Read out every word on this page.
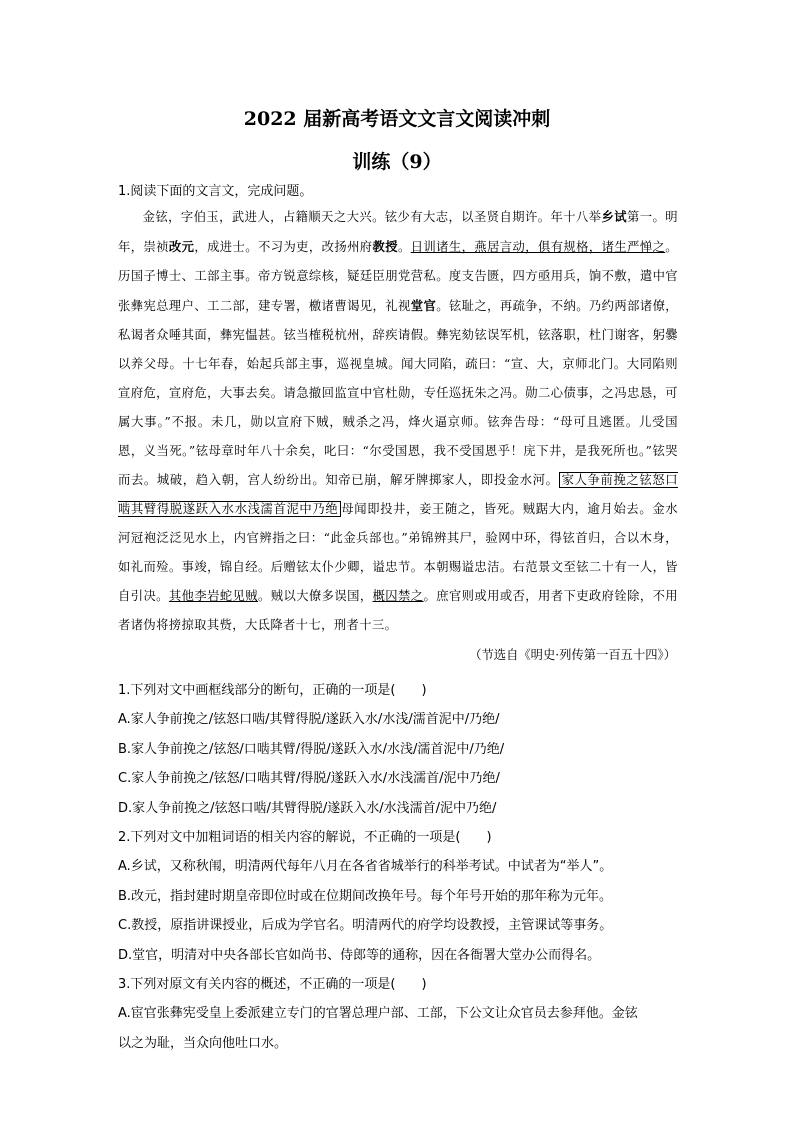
2022 届新高考语文文言文阅读冲刺
训练（9）
1.阅读下面的文言文，完成问题。

金铉，字伯玉，武进人，占籍顺天之大兴。铉少有大志，以圣贤自期许。年十八举乡试第一。明年，崇祯改元，成进士。不习为吏，改扬州府教授。日训诸生，燕居言动，俱有规格，诸生严惮之。历国子博士、工部主事。帝方锐意综核，疑廷臣朋党营私。度支告匮，四方亟用兵，饷不敷，遣中官张彝宪总理户、工二部，建专署，檄诸曹谒见，礼视堂官。铉耻之，再疏争，不纳。乃约两部诸僚，私谒者众唾其面，彝宪愠甚。铉当榷税杭州，辞疾请假。彝宪劾铉误军机，铉落职，杜门谢客，躬爨以养父母。十七年春，始起兵部主事，巡视皇城。闻大同陷，疏曰：“宣、大，京师北门。大同陷则宣府危，宣府危，大事去矣。请急撤回监宣中官杜勋，专任巡抚朱之冯。勋二心债事，之冯忠恳，可属大事。”不报。未几，勋以宣府下贼，贼杀之冯，烽火逼京师。铉奔告母：“母可且逃匿。儿受国恩，义当死。”铉母章时年八十余矣，叱曰：“尔受国恩，我不受国恩乎！庑下井，是我死所也。”铉哭而去。城破，趋入朝，宫人纷纷出。知帝已崩，解牙牌掷家人，即投金水河。 家人争前挽之铉怒口啮其臂得脱遂跃入水水浅濡首泥中乃绝 母闻即投井，妾王随之，皆死。贼踞大内，逾月始去。金水河冠袍泛泛见水上，内官辨指之曰：“此金兵部也。”弟锦辨其尸，验网中环，得铉首归，合以木身，如礼而殓。事竣，锦自经。后赠铉太仆少卿，谥忠节。本朝赐谥忠洁。右范景文至铉二十有一人，皆自引决。其他李岩蛇见贼。贼以大僚多误国，概囚禁之。庶官则或用或否，用者下吏政府铨除，不用者诸伪将搒掠取其赀，大氐降者十七，刑者十三。

（节选自《明史·列传第一百五十四》）
1.下列对文中画框线部分的断句，正确的一项是(　　)
A.家人争前挽之/铉怒口啮/其臂得脱/遂跃入水/水浅/濡首泥中/乃绝/
B.家人争前挽之/铉怒/口啮其臂/得脱/遂跃入水/水浅/濡首泥中/乃绝/
C.家人争前挽之/铉怒/口啮其臂/得脱/遂跃入水/水浅濡首/泥中乃绝/
D.家人争前挽之/铉怒口啮/其臂得脱/遂跃入水/水浅濡首/泥中乃绝/
2.下列对文中加粗词语的相关内容的解说，不正确的一项是(　　)
A.乡试，又称秋闱，明清两代每年八月在各省省城举行的科举考试。中试者为“举人”。
B.改元，指封建时期皇帝即位时或在位期间改换年号。每个年号开始的那年称为元年。
C.教授，原指讲课授业，后成为学官名。明清两代的府学均设教授，主管课试等事务。
D.堂官，明清对中央各部长官如尚书、侍郎等的通称，因在各衙署大堂办公而得名。
3.下列对原文有关内容的概述，不正确的一项是(　　)
A.宦官张彝宪受皇上委派建立专门的官署总理户部、工部，下公文让众官员去参拜他。金铉
以之为耻，当众向他吐口水。
